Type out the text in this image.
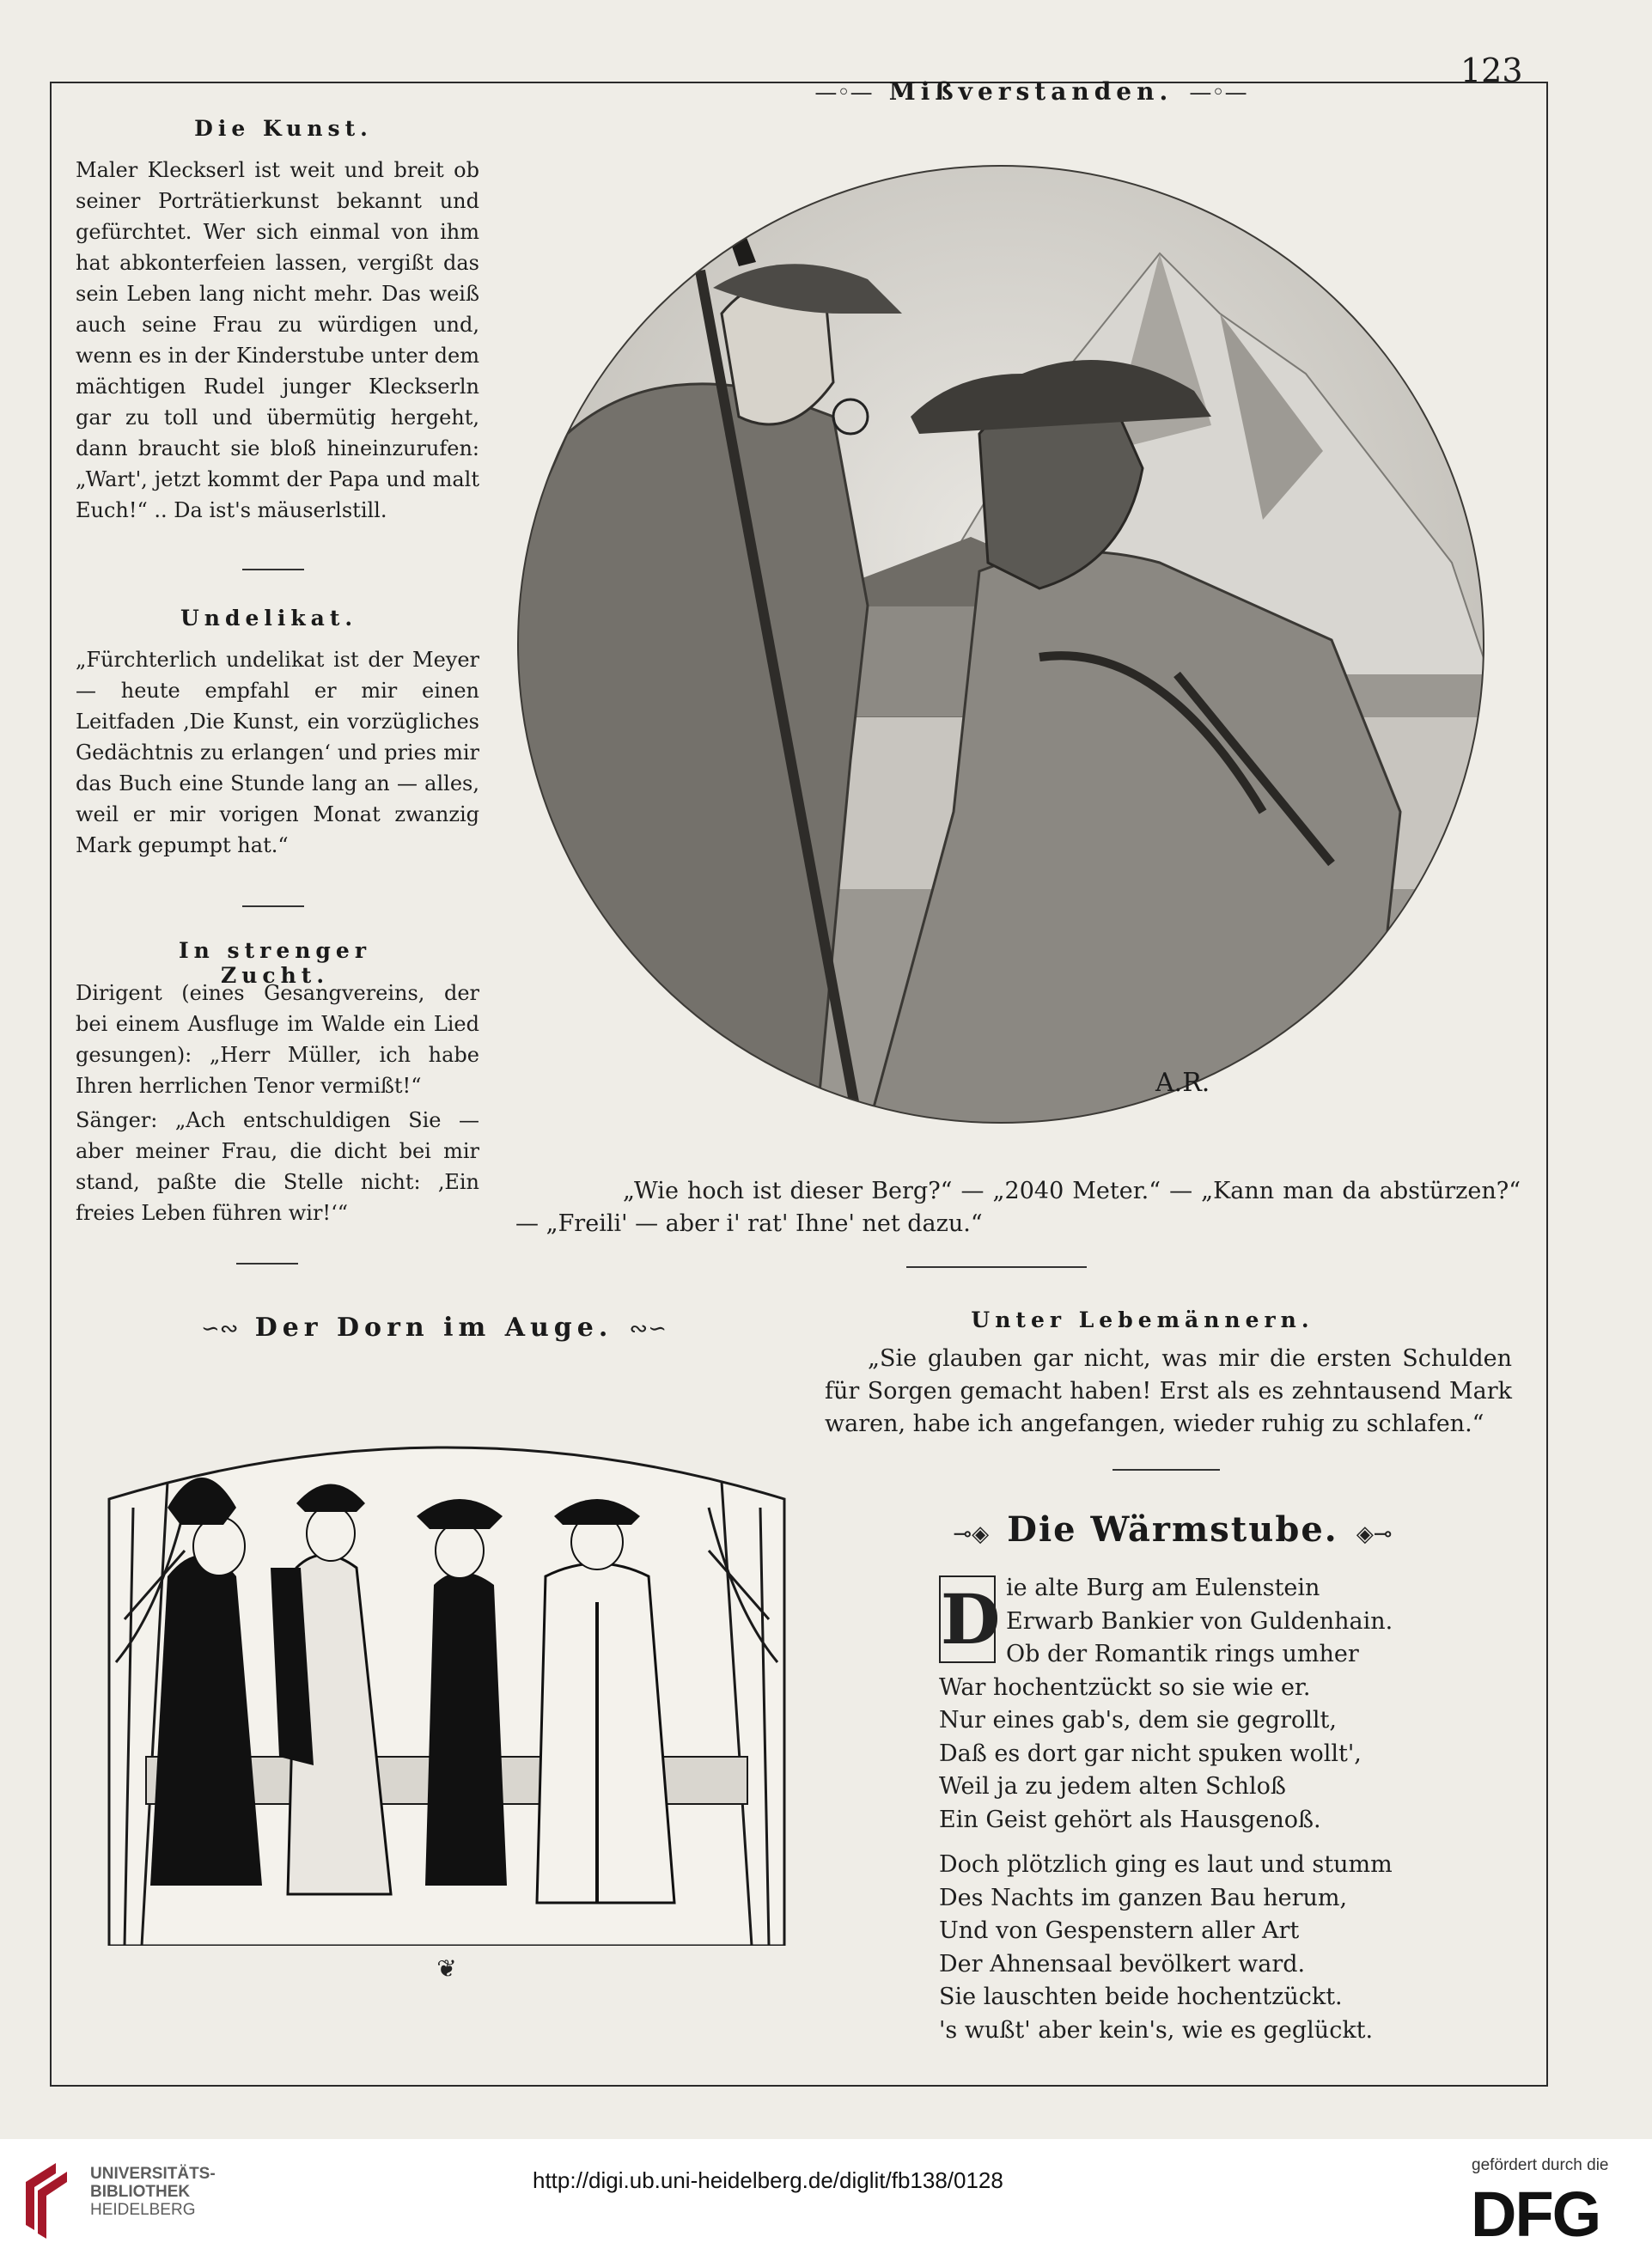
123
Die Kunst.
Maler Kleckserl ist weit und breit ob seiner Porträtierkunst bekannt und gefürchtet. Wer sich einmal von ihm hat abkonterfeien lassen, vergißt das sein Leben lang nicht mehr. Das weiß auch seine Frau zu würdigen und, wenn es in der Kinderstube unter dem mächtigen Rudel junger Kleckserln gar zu toll und übermütig hergeht, dann braucht sie bloß hineinzurufen: „Wart', jetzt kommt der Papa und malt Euch!“ .. Da ist's mäuserlstill.
Undelikat.
„Fürchterlich undelikat ist der Meyer — heute empfahl er mir einen Leitfaden ‚Die Kunst, ein vorzügliches Gedächtnis zu erlangen‘ und pries mir das Buch eine Stunde lang an — alles, weil er mir vorigen Monat zwanzig Mark gepumpt hat.“
In strenger Zucht.
Dirigent (eines Gesangvereins, der bei einem Ausfluge im Walde ein Lied gesungen): „Herr Müller, ich habe Ihren herrlichen Tenor vermißt!“
Sänger: „Ach entschuldigen Sie — aber meiner Frau, die dicht bei mir stand, paßte die Stelle nicht: ‚Ein freies Leben führen wir!‘“
—◦— Mißverstanden. —◦—
A.R.
„Wie hoch ist dieser Berg?“ — „2040 Meter.“ — „Kann man da abstürzen?“ — „Freili' — aber i' rat' Ihne' net dazu.“
∽∾ Der Dorn im Auge. ∾∽
❦
Unter Lebemännern.
„Sie glauben gar nicht, was mir die ersten Schulden für Sorgen gemacht haben! Erst als es zehntausend Mark waren, habe ich angefangen, wieder ruhig zu schlafen.“
⊸◈ Die Wärmstube. ◈⊸
D ie alte Burg am Eulenstein
Erwarb Bankier von Guldenhain.
Ob der Romantik rings umher
War hochentzückt so sie wie er.
Nur eines gab's, dem sie gegrollt,
Daß es dort gar nicht spuken wollt',
Weil ja zu jedem alten Schloß
Ein Geist gehört als Hausgenoß.
Doch plötzlich ging es laut und stumm
Des Nachts im ganzen Bau herum,
Und von Gespenstern aller Art
Der Ahnensaal bevölkert ward.
Sie lauschten beide hochentzückt.
's wußt' aber kein's, wie es geglückt.
UNIVERSITÄTS-
BIBLIOTHEK
HEIDELBERG
http://digi.ub.uni-heidelberg.de/diglit/fb138/0128
gefördert durch die
DFG
